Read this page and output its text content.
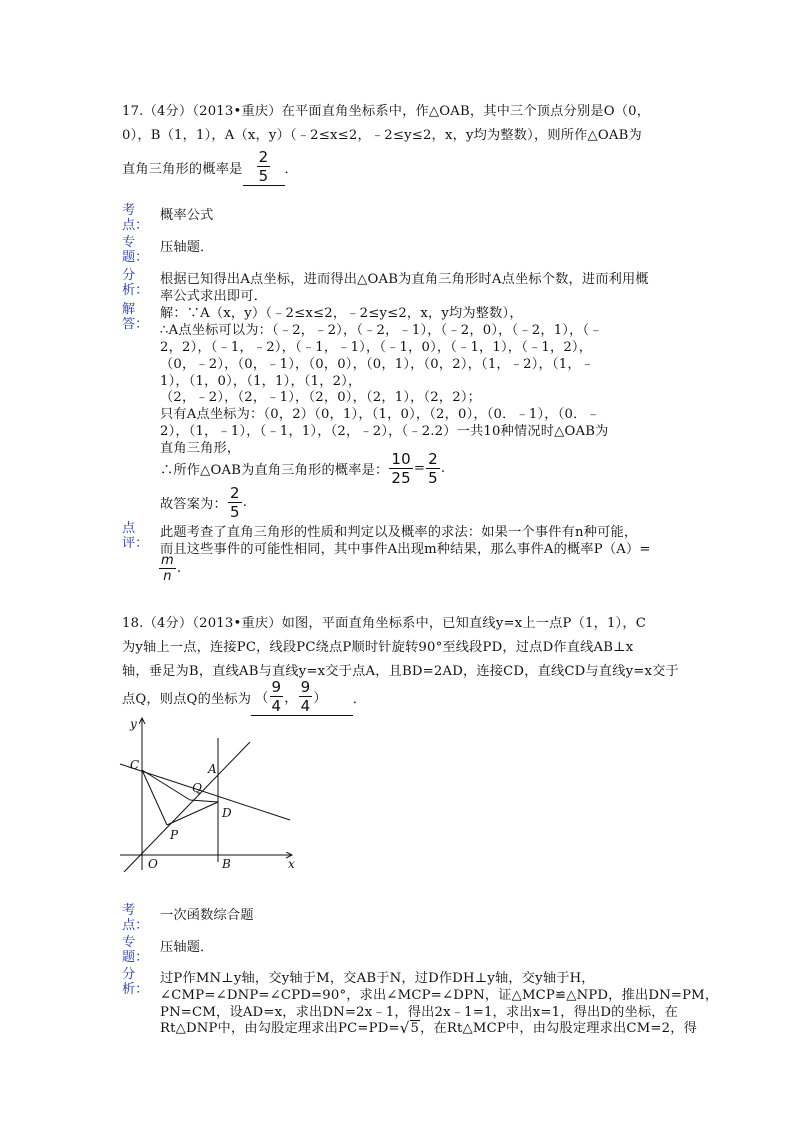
17.（4分）（2013•重庆）在平面直角坐标系中，作△OAB，其中三个顶点分别是O（0，
0），B（1，1），A（x，y）（﹣2≤x≤2，﹣2≤y≤2，x，y均为整数），则所作△OAB为
直角三角形的概率是 $\frac{2}{5}$ ．
考
点：
概率公式
专
题：
压轴题．
分
析：
根据已知得出A点坐标，进而得出△OAB为直角三角形时A点坐标个数，进而利用概
率公式求出即可．
解
答：
解：∵A（x，y）（﹣2≤x≤2，﹣2≤y≤2，x，y均为整数），
∴A点坐标可以为：（﹣2，﹣2），（﹣2，﹣1），（﹣2，0），（﹣2，1），（﹣
2，2），（﹣1，﹣2），（﹣1，﹣1），（﹣1，0），（﹣1，1），（﹣1，2），
（0，﹣2），（0，﹣1），（0，0），（0，1），（0，2），（1，﹣2），（1，﹣
1），（1，0），（1，1），（1，2），
（2，﹣2），（2，﹣1），（2，0），（2，1），（2，2）；
只有A点坐标为：（0，2）（0，1），（1，0），（2，0），（0．﹣1），（0．﹣
2），（1，﹣1），（﹣1，1），（2，﹣2），（﹣2.2）一共10种情况时△OAB为
直角三角形，
∴所作△OAB为直角三角形的概率是： $\frac{10}{25} = \frac{2}{5}$ .
故答案为： $\frac{2}{5}$ .
点
评：
此题考查了直角三角形的性质和判定以及概率的求法：如果一个事件有n种可能，
而且这些事件的可能性相同，其中事件A出现m种结果，那么事件A的概率P（A）=
$\frac{m}{n}$ .
18.（4分）（2013•重庆）如图，平面直角坐标系中，已知直线y=x上一点P（1，1），C
为y轴上一点，连接PC，线段PC绕点P顺时针旋转90°至线段PD，过点D作直线AB⊥x
轴，垂足为B，直线AB与直线y=x交于点A，且BD=2AD，连接CD，直线CD与直线y=x交于
点Q，则点Q的坐标为 （ $\frac{9}{4}$ ， $\frac{9}{4}$ ） ．
y
x
C	A
Q
D
P
O	B
考
点：
一次函数综合题
专
题：
压轴题．
分
析：
过P作MN⊥y轴，交y轴于M，交AB于N，过D作DH⊥y轴，交y轴于H，
∠CMP=∠DNP=∠CPD=90°，求出∠MCP=∠DPN，证△MCP≌△NPD，推出DN=PM，
PN=CM，设AD=x，求出DN=2x﹣1，得出2x﹣1=1，求出x=1，得出D的坐标，在
Rt△DNP中，由勾股定理求出PC=PD= √ 5 ，在Rt△MCP中，由勾股定理求出CM=2，得
